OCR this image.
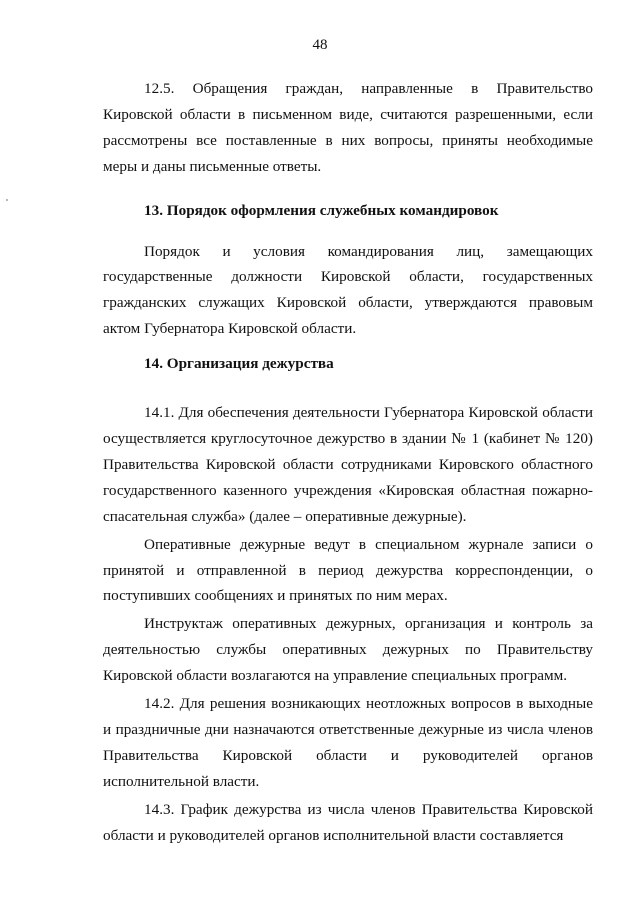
48

12.5. Обращения граждан, направленные в Правительство Кировской области в письменном виде, считаются разрешенными, если рассмотрены все поставленные в них вопросы, приняты необходимые меры и даны письменные ответы.

13. Порядок оформления служебных командировок

Порядок и условия командирования лиц, замещающих государственные должности Кировской области, государственных гражданских служащих Кировской области, утверждаются правовым актом Губернатора Кировской области.

14. Организация дежурства

14.1. Для обеспечения деятельности Губернатора Кировской области осуществляется круглосуточное дежурство в здании № 1 (кабинет № 120) Правительства Кировской области сотрудниками Кировского областного государственного казенного учреждения «Кировская областная пожарно-спасательная служба» (далее – оперативные дежурные).

Оперативные дежурные ведут в специальном журнале записи о принятой и отправленной в период дежурства корреспонденции, о поступивших сообщениях и принятых по ним мерах.

Инструктаж оперативных дежурных, организация и контроль за деятельностью службы оперативных дежурных по Правительству Кировской области возлагаются на управление специальных программ.

14.2. Для решения возникающих неотложных вопросов в выходные и праздничные дни назначаются ответственные дежурные из числа членов Правительства Кировской области и руководителей органов исполнительной власти.

14.3. График дежурства из числа членов Правительства Кировской области и руководителей органов исполнительной власти составляется
